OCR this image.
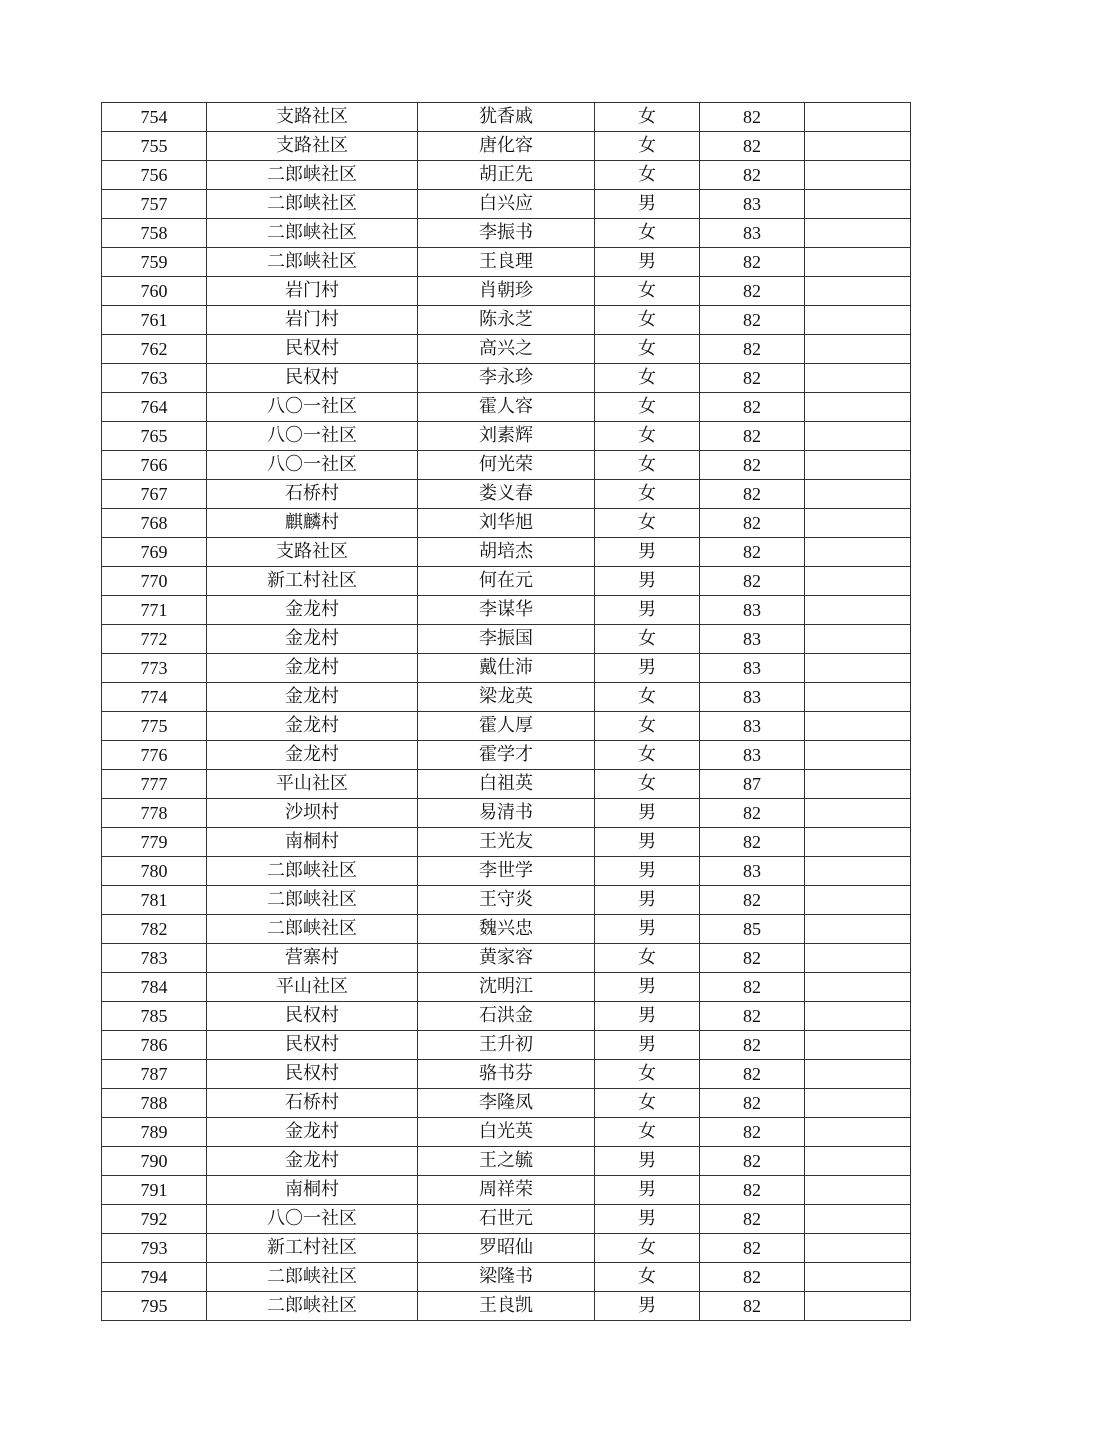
754	支路社区	犹香戚	女	82	
755	支路社区	唐化容	女	82	
756	二郎峡社区	胡正先	女	82	
757	二郎峡社区	白兴应	男	83	
758	二郎峡社区	李振书	女	83	
759	二郎峡社区	王良理	男	82	
760	岩门村	肖朝珍	女	82	
761	岩门村	陈永芝	女	82	
762	民权村	高兴之	女	82	
763	民权村	李永珍	女	82	
764	八〇一社区	霍人容	女	82	
765	八〇一社区	刘素辉	女	82	
766	八〇一社区	何光荣	女	82	
767	石桥村	娄义春	女	82	
768	麒麟村	刘华旭	女	82	
769	支路社区	胡培杰	男	82	
770	新工村社区	何在元	男	82	
771	金龙村	李谋华	男	83	
772	金龙村	李振国	女	83	
773	金龙村	戴仕沛	男	83	
774	金龙村	梁龙英	女	83	
775	金龙村	霍人厚	女	83	
776	金龙村	霍学才	女	83	
777	平山社区	白祖英	女	87	
778	沙坝村	易清书	男	82	
779	南桐村	王光友	男	82	
780	二郎峡社区	李世学	男	83	
781	二郎峡社区	王守炎	男	82	
782	二郎峡社区	魏兴忠	男	85	
783	营寨村	黄家容	女	82	
784	平山社区	沈明江	男	82	
785	民权村	石洪金	男	82	
786	民权村	王升初	男	82	
787	民权村	骆书芬	女	82	
788	石桥村	李隆凤	女	82	
789	金龙村	白光英	女	82	
790	金龙村	王之毓	男	82	
791	南桐村	周祥荣	男	82	
792	八〇一社区	石世元	男	82	
793	新工村社区	罗昭仙	女	82	
794	二郎峡社区	梁隆书	女	82	
795	二郎峡社区	王良凯	男	82	
